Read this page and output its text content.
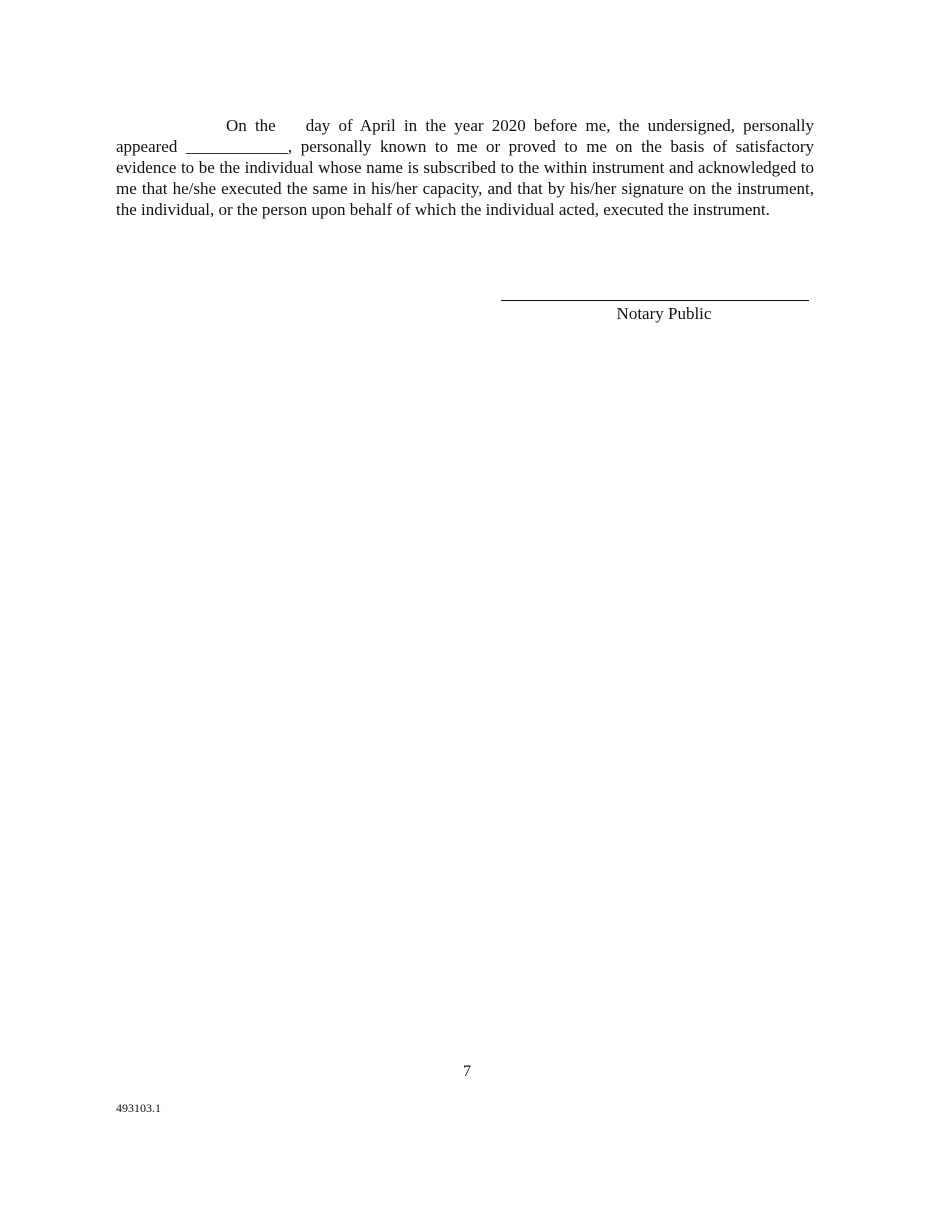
On the day of April in the year 2020 before me, the undersigned, personally appeared ____________, personally known to me or proved to me on the basis of satisfactory evidence to be the individual whose name is subscribed to the within instrument and acknowledged to me that he/she executed the same in his/her capacity, and that by his/her signature on the instrument, the individual, or the person upon behalf of which the individual acted, executed the instrument.

Notary Public
7
493103.1
